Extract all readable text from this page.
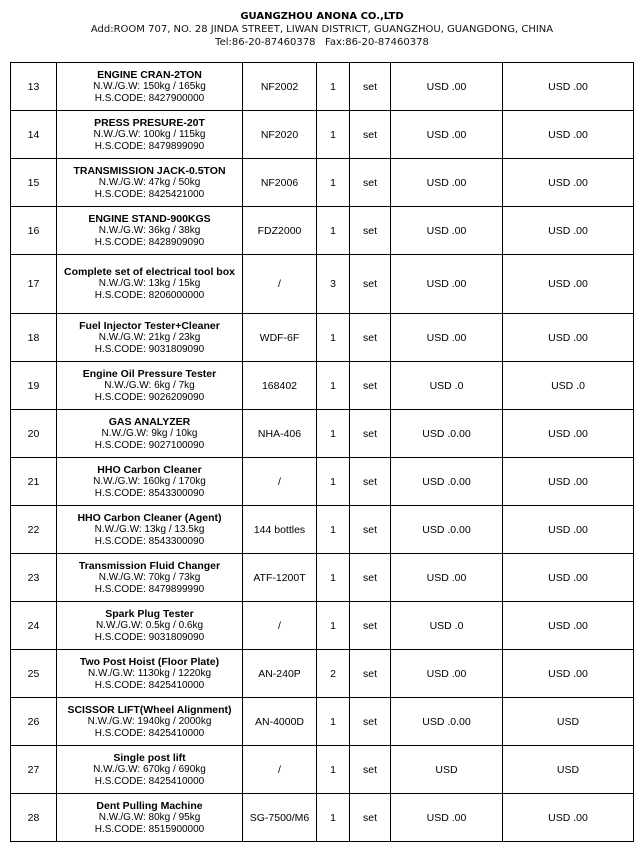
GUANGZHOU ANONA CO.,LTD
Add:ROOM 707, NO. 28 JINDA STREET, LIWAN DISTRICT, GUANGZHOU, GUANGDONG, CHINA
Tel:86-20-87460378 Fax:86-20-87460378
13	ENGINE CRAN-2TON
N.W./G.W: 150kg / 165kg
H.S.CODE: 8427900000	NF2002	1	set	USD .00	USD .00
14	PRESS PRESURE-20T
N.W./G.W: 100kg / 115kg
H.S.CODE: 8479899090	NF2020	1	set	USD .00	USD .00
15	TRANSMISSION JACK-0.5TON
N.W./G.W: 47kg / 50kg
H.S.CODE: 8425421000	NF2006	1	set	USD .00	USD .00
16	ENGINE STAND-900KGS
N.W./G.W: 36kg / 38kg
H.S.CODE: 8428909090	FDZ2000	1	set	USD .00	USD .00
17	Complete set of electrical tool box
N.W./G.W: 13kg / 15kg
H.S.CODE: 8206000000	/	3	set	USD .00	USD .00
18	Fuel Injector Tester+Cleaner
N.W./G.W: 21kg / 23kg
H.S.CODE: 9031809090	WDF-6F	1	set	USD .00	USD .00
19	Engine Oil Pressure Tester
N.W./G.W: 6kg / 7kg
H.S.CODE: 9026209090	168402	1	set	USD .0	USD .0
20	GAS ANALYZER
N.W./G.W: 9kg / 10kg
H.S.CODE: 9027100090	NHA-406	1	set	USD .0.00	USD .00
21	HHO Carbon Cleaner
N.W./G.W: 160kg / 170kg
H.S.CODE: 8543300090	/	1	set	USD .0.00	USD .00
22	HHO Carbon Cleaner (Agent)
N.W./G.W: 13kg / 13.5kg
H.S.CODE: 8543300090	144 bottles	1	set	USD .0.00	USD .00
23	Transmission Fluid Changer
N.W./G.W: 70kg / 73kg
H.S.CODE: 8479899990	ATF-1200T	1	set	USD .00	USD .00
24	Spark Plug Tester
N.W./G.W: 0.5kg / 0.6kg
H.S.CODE: 9031809090	/	1	set	USD .0	USD .00
25	Two Post Hoist (Floor Plate)
N.W./G.W: 1130kg / 1220kg
H.S.CODE: 8425410000	AN-240P	2	set	USD .00	USD .00
26	SCISSOR LIFT(Wheel Alignment)
N.W./G.W: 1940kg / 2000kg
H.S.CODE: 8425410000	AN-4000D	1	set	USD .0.00	USD
27	Single post lift
N.W./G.W: 670kg / 690kg
H.S.CODE: 8425410000	/	1	set	USD	USD
28	Dent Pulling Machine
N.W./G.W: 80kg / 95kg
H.S.CODE: 8515900000	SG-7500/M6	1	set	USD .00	USD .00
